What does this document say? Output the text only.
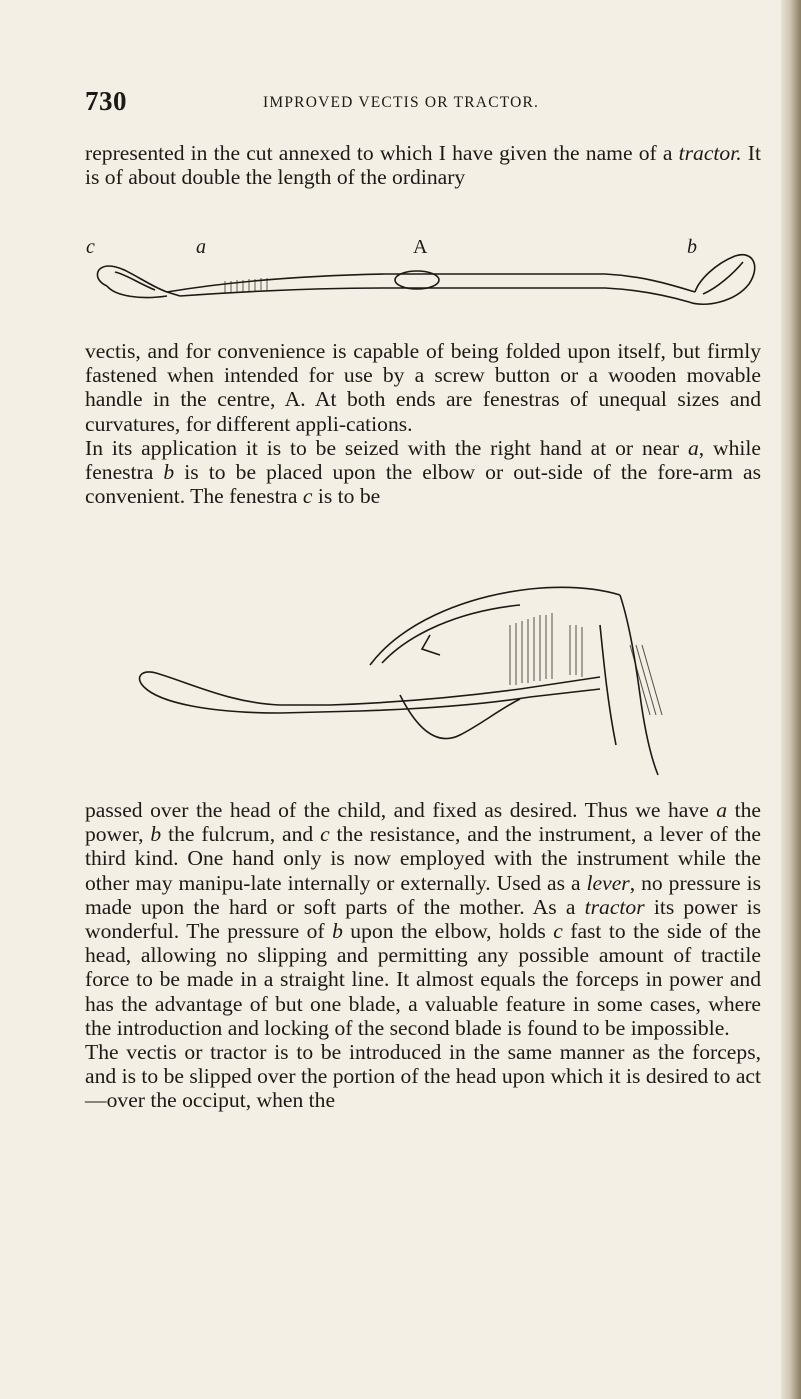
730	IMPROVED VECTIS OR TRACTOR.

represented in the cut annexed to which I have given the name of a tractor. It is of about double the length of the ordinary

c	a	A	b

vectis, and for convenience is capable of being folded upon itself, but firmly fastened when intended for use by a screw button or a wooden movable handle in the centre, A. At both ends are fenestras of unequal sizes and curvatures, for different appli-cations.

In its application it is to be seized with the right hand at or near a, while fenestra b is to be placed upon the elbow or out-side of the fore-arm as convenient. The fenestra c is to be

passed over the head of the child, and fixed as desired. Thus we have a the power, b the fulcrum, and c the resistance, and the instrument, a lever of the third kind. One hand only is now employed with the instrument while the other may manipu-late internally or externally. Used as a lever, no pressure is made upon the hard or soft parts of the mother. As a tractor its power is wonderful. The pressure of b upon the elbow, holds c fast to the side of the head, allowing no slipping and permitting any possible amount of tractile force to be made in a straight line. It almost equals the forceps in power and has the advantage of but one blade, a valuable feature in some cases, where the introduction and locking of the second blade is found to be impossible.

The vectis or tractor is to be introduced in the same manner as the forceps, and is to be slipped over the portion of the head upon which it is desired to act—over the occiput, when the
